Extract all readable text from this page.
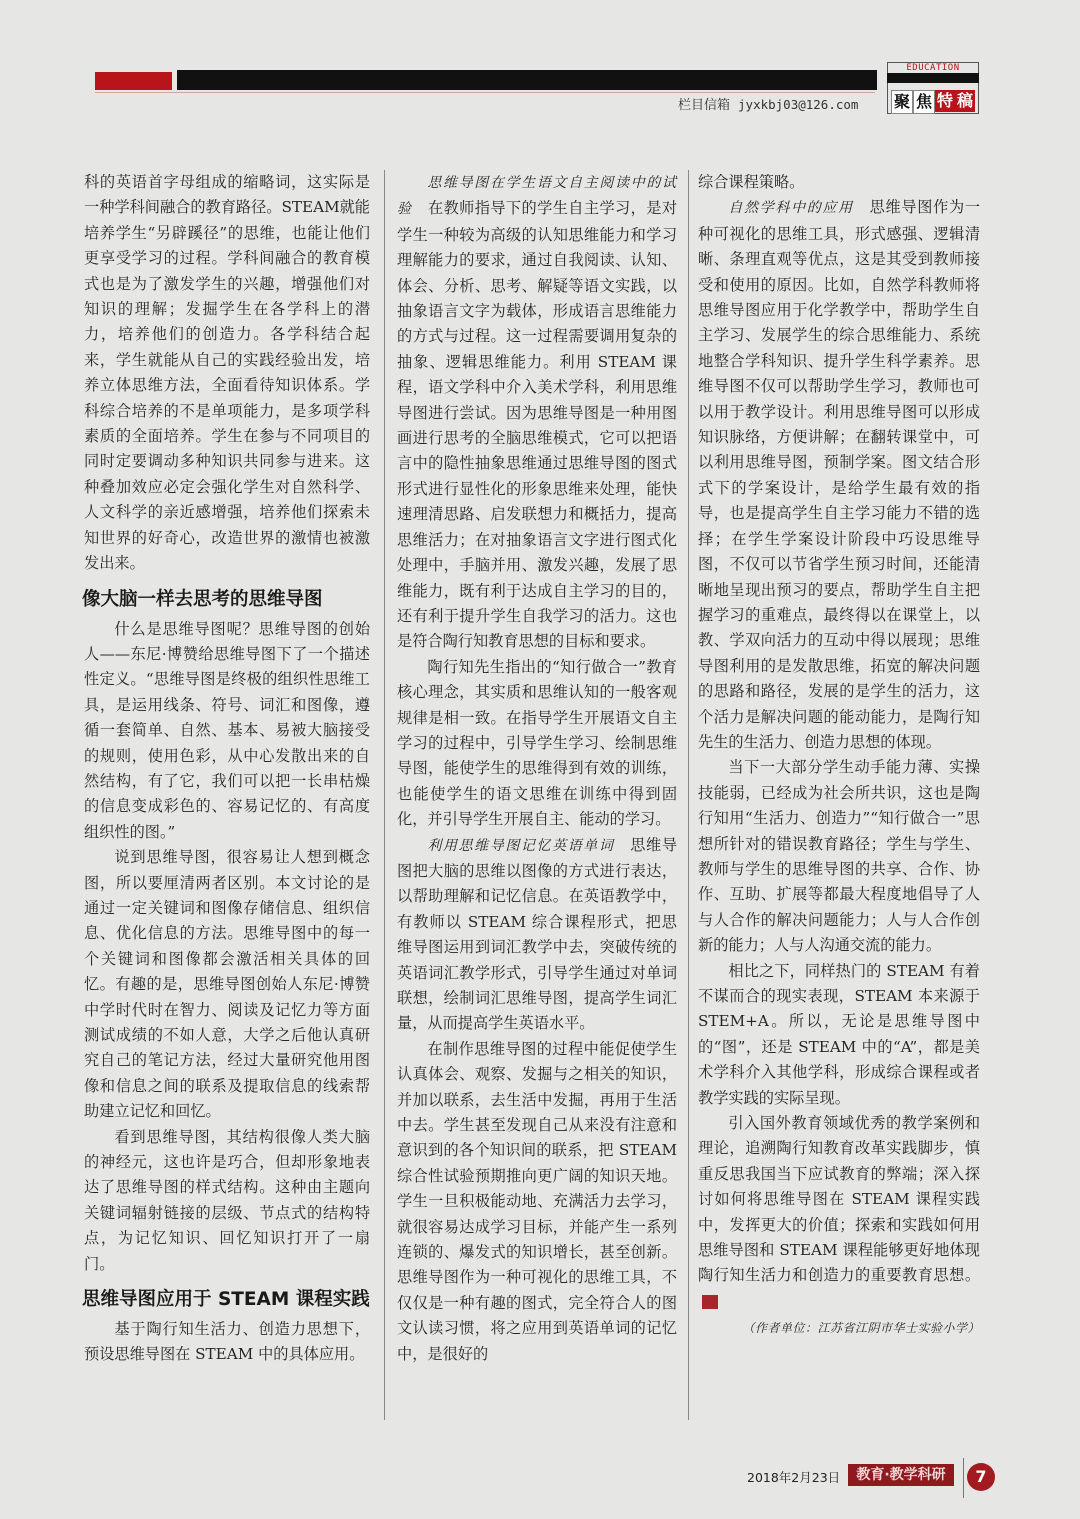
栏目信箱 jyxkbj03@126.com
EDUCATION
聚 焦 特 稿

科的英语首字母组成的缩略词，这实际是一种学科间融合的教育路径。STEAM就能培养学生“另辟蹊径”的思维，也能让他们更享受学习的过程。学科间融合的教育模式也是为了激发学生的兴趣，增强他们对知识的理解；发掘学生在各学科上的潜力，培养他们的创造力。各学科结合起来，学生就能从自己的实践经验出发，培养立体思维方法，全面看待知识体系。学科综合培养的不是单项能力，是多项学科素质的全面培养。学生在参与不同项目的同时定要调动多种知识共同参与进来。这种叠加效应必定会强化学生对自然科学、人文科学的亲近感增强，培养他们探索未知世界的好奇心，改造世界的激情也被激发出来。

像大脑一样去思考的思维导图

什么是思维导图呢？思维导图的创始人——东尼·博赞给思维导图下了一个描述性定义。“思维导图是终极的组织性思维工具，是运用线条、符号、词汇和图像，遵循一套简单、自然、基本、易被大脑接受的规则，使用色彩，从中心发散出来的自然结构，有了它，我们可以把一长串枯燥的信息变成彩色的、容易记忆的、有高度组织性的图。”

说到思维导图，很容易让人想到概念图，所以要厘清两者区别。本文讨论的是通过一定关键词和图像存储信息、组织信息、优化信息的方法。思维导图中的每一个关键词和图像都会激活相关具体的回忆。有趣的是，思维导图创始人东尼·博赞中学时代时在智力、阅读及记忆力等方面测试成绩的不如人意，大学之后他认真研究自己的笔记方法，经过大量研究他用图像和信息之间的联系及提取信息的线索帮助建立记忆和回忆。

看到思维导图，其结构很像人类大脑的神经元，这也许是巧合，但却形象地表达了思维导图的样式结构。这种由主题向关键词辐射链接的层级、节点式的结构特点，为记忆知识、回忆知识打开了一扇门。

思维导图应用于 STEAM 课程实践

基于陶行知生活力、创造力思想下，预设思维导图在 STEAM 中的具体应用。

思维导图在学生语文自主阅读中的试验  在教师指导下的学生自主学习，是对学生一种较为高级的认知思维能力和学习理解能力的要求，通过自我阅读、认知、体会、分析、思考、解疑等语文实践，以抽象语言文字为载体，形成语言思维能力的方式与过程。这一过程需要调用复杂的抽象、逻辑思维能力。利用 STEAM 课程，语文学科中介入美术学科，利用思维导图进行尝试。因为思维导图是一种用图画进行思考的全脑思维模式，它可以把语言中的隐性抽象思维通过思维导图的图式形式进行显性化的形象思维来处理，能快速理清思路、启发联想力和概括力，提高思维活力；在对抽象语言文字进行图式化处理中，手脑并用、激发兴趣，发展了思维能力，既有利于达成自主学习的目的，还有利于提升学生自我学习的活力。这也是符合陶行知教育思想的目标和要求。

陶行知先生指出的“知行做合一”教育核心理念，其实质和思维认知的一般客观规律是相一致。在指导学生开展语文自主学习的过程中，引导学生学习、绘制思维导图，能使学生的思维得到有效的训练，也能使学生的语文思维在训练中得到固化，并引导学生开展自主、能动的学习。

利用思维导图记忆英语单词  思维导图把大脑的思维以图像的方式进行表达，以帮助理解和记忆信息。在英语教学中，有教师以 STEAM 综合课程形式，把思维导图运用到词汇教学中去，突破传统的英语词汇教学形式，引导学生通过对单词联想，绘制词汇思维导图，提高学生词汇量，从而提高学生英语水平。

在制作思维导图的过程中能促使学生认真体会、观察、发掘与之相关的知识，并加以联系，去生活中发掘，再用于生活中去。学生甚至发现自己从来没有注意和意识到的各个知识间的联系，把 STEAM 综合性试验预期推向更广阔的知识天地。学生一旦积极能动地、充满活力去学习，就很容易达成学习目标，并能产生一系列连锁的、爆发式的知识增长，甚至创新。思维导图作为一种可视化的思维工具，不仅仅是一种有趣的图式，完全符合人的图文认读习惯，将之应用到英语单词的记忆中，是很好的

综合课程策略。

自然学科中的应用  思维导图作为一种可视化的思维工具，形式感强、逻辑清晰、条理直观等优点，这是其受到教师接受和使用的原因。比如，自然学科教师将思维导图应用于化学教学中，帮助学生自主学习、发展学生的综合思维能力、系统地整合学科知识、提升学生科学素养。思维导图不仅可以帮助学生学习，教师也可以用于教学设计。利用思维导图可以形成知识脉络，方便讲解；在翻转课堂中，可以利用思维导图，预制学案。图文结合形式下的学案设计，是给学生最有效的指导，也是提高学生自主学习能力不错的选择；在学生学案设计阶段中巧设思维导图，不仅可以节省学生预习时间，还能清晰地呈现出预习的要点，帮助学生自主把握学习的重难点，最终得以在课堂上，以教、学双向活力的互动中得以展现；思维导图利用的是发散思维，拓宽的解决问题的思路和路径，发展的是学生的活力，这个活力是解决问题的能动能力，是陶行知先生的生活力、创造力思想的体现。

当下一大部分学生动手能力薄、实操技能弱，已经成为社会所共识，这也是陶行知用“生活力、创造力”“知行做合一”思想所针对的错误教育路径；学生与学生、教师与学生的思维导图的共享、合作、协作、互助、扩展等都最大程度地倡导了人与人合作的解决问题能力；人与人合作创新的能力；人与人沟通交流的能力。

相比之下，同样热门的 STEAM 有着不谋而合的现实表现，STEAM 本来源于 STEM+A。所以，无论是思维导图中的“图”，还是 STEAM 中的“A”，都是美术学科介入其他学科，形成综合课程或者教学实践的实际呈现。

引入国外教育领域优秀的教学案例和理论，追溯陶行知教育改革实践脚步，慎重反思我国当下应试教育的弊端；深入探讨如何将思维导图在 STEAM 课程实践中，发挥更大的价值；探索和实践如何用思维导图和 STEAM 课程能够更好地体现陶行知生活力和创造力的重要教育思想。

（作者单位：江苏省江阴市华士实验小学）
2018年2月23日	教育·教学科研	7
